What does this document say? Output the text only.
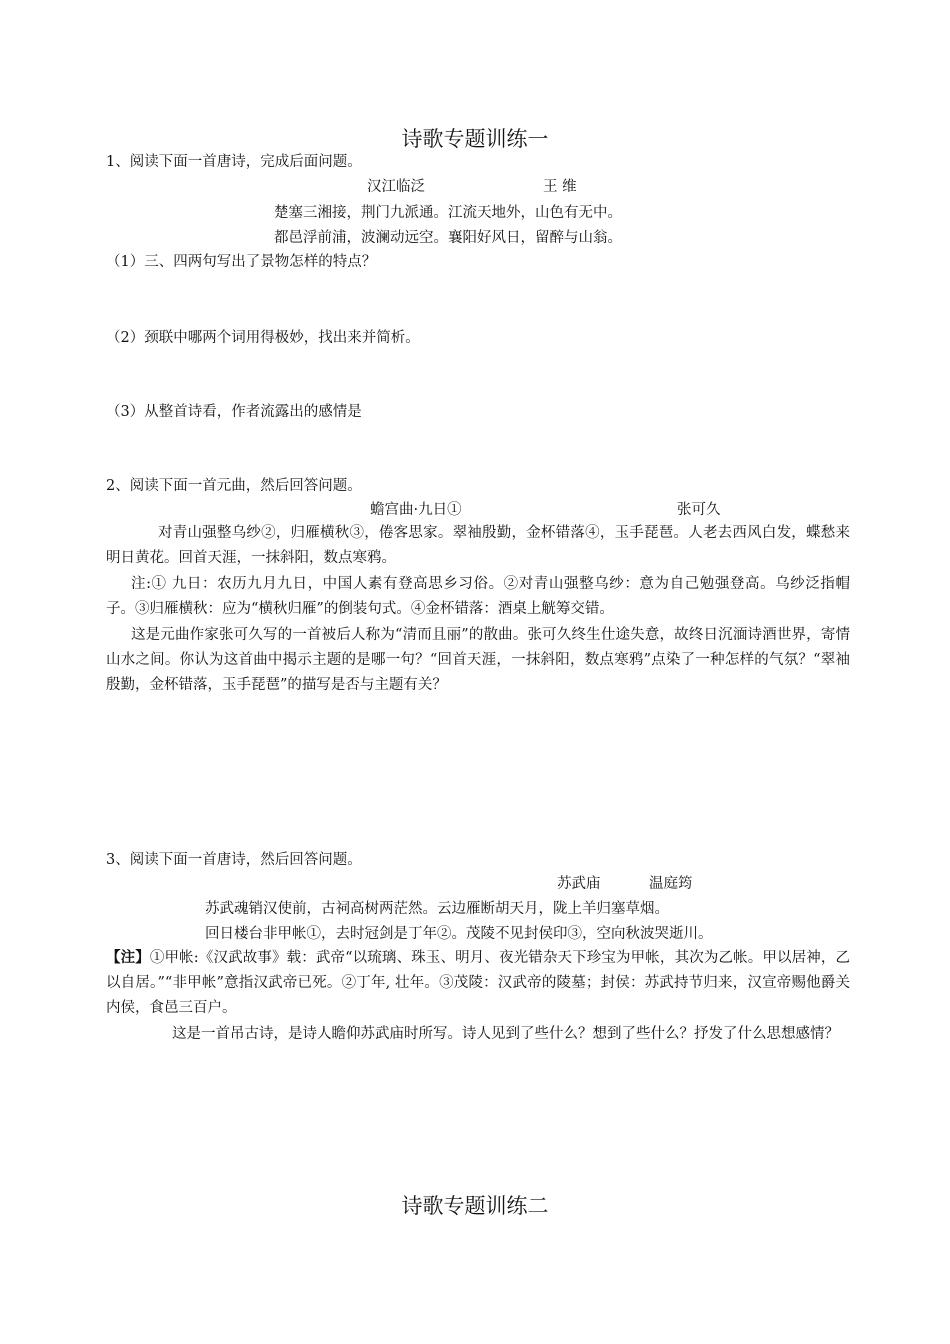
诗歌专题训练一
1、阅读下面一首唐诗，完成后面问题。
汉江临泛	王 维
楚塞三湘接，荆门九派通。江流天地外，山色有无中。
都邑浮前浦，波澜动远空。襄阳好风日，留醉与山翁。
（1）三、四两句写出了景物怎样的特点？
（2）颈联中哪两个词用得极妙，找出来并简析。
（3）从整首诗看，作者流露出的感情是
2、阅读下面一首元曲，然后回答问题。
蟾宫曲·九日①	张可久
对青山强整乌纱②，归雁横秋③，倦客思家。翠袖殷勤，金杯错落④，玉手琵琶。人老去西风白发，蝶愁来明日黄花。回首天涯，一抹斜阳，数点寒鸦。
注:① 九日：农历九月九日，中国人素有登高思乡习俗。②对青山强整乌纱：意为自己勉强登高。乌纱泛指帽子。③归雁横秋：应为“横秋归雁”的倒装句式。④金杯错落：酒桌上觥筹交错。
这是元曲作家张可久写的一首被后人称为“清而且丽”的散曲。张可久终生仕途失意，故终日沉湎诗酒世界，寄情山水之间。你认为这首曲中揭示主题的是哪一句？“回首天涯，一抹斜阳，数点寒鸦”点染了一种怎样的气氛？“翠袖殷勤，金杯错落，玉手琵琶”的描写是否与主题有关？
3、阅读下面一首唐诗，然后回答问题。
苏武庙	温庭筠
苏武魂销汉使前，古祠高树两茫然。云边雁断胡天月，陇上羊归塞草烟。
回日楼台非甲帐①，去时冠剑是丁年②。茂陵不见封侯印③，空向秋波哭逝川。
【注】①甲帐:《汉武故事》载：武帝“以琉璃、珠玉、明月、夜光错杂天下珍宝为甲帐，其次为乙帐。甲以居神，乙以自居。”“非甲帐”意指汉武帝已死。②丁年, 壮年。③茂陵：汉武帝的陵墓；封侯：苏武持节归来，汉宣帝赐他爵关内侯，食邑三百户。
这是一首吊古诗，是诗人瞻仰苏武庙时所写。诗人见到了些什么？想到了些什么？抒发了什么思想感情？
诗歌专题训练二
